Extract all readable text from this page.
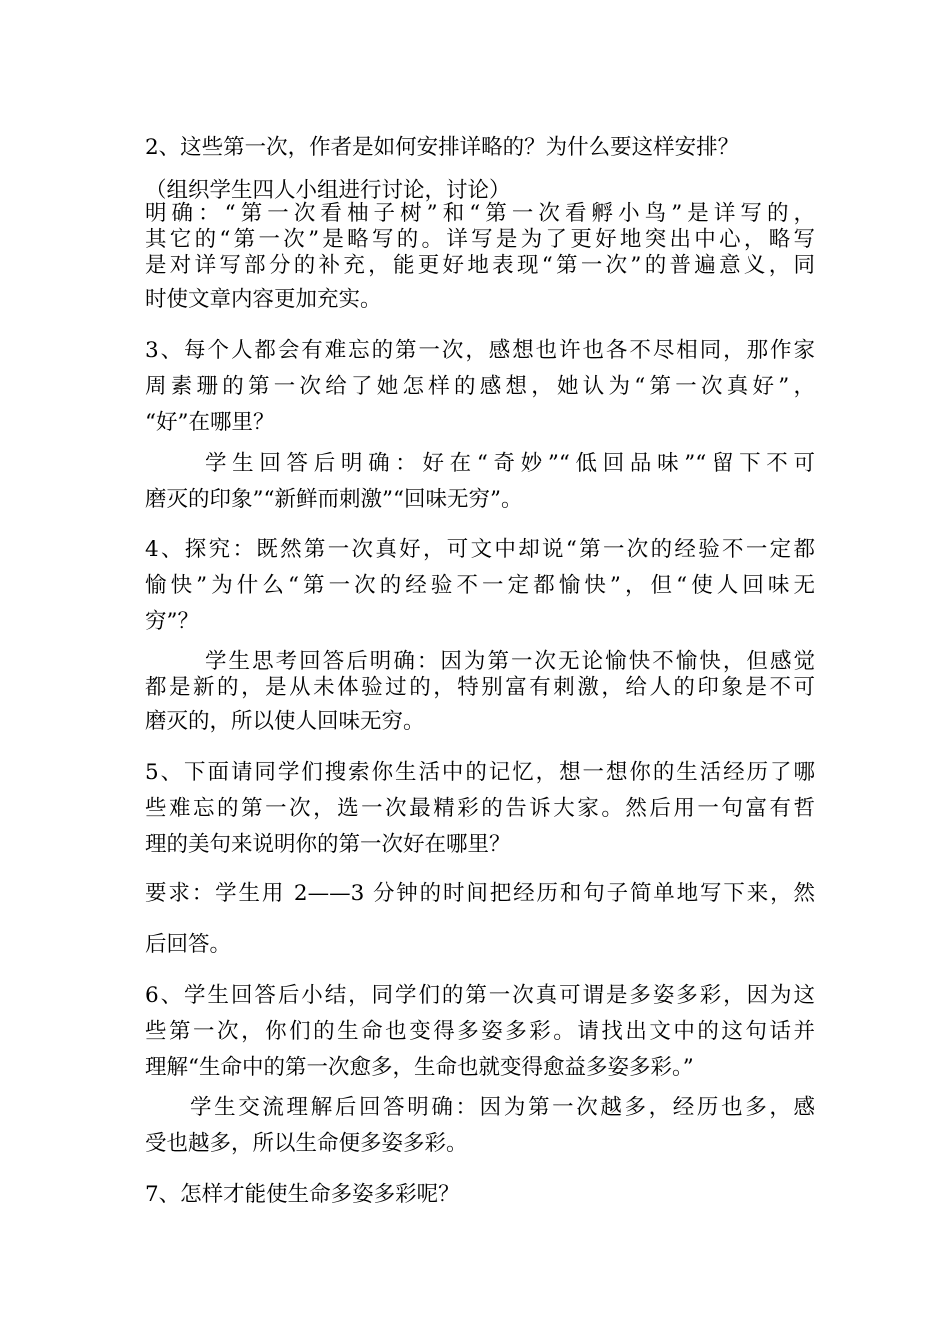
2、这些第一次，作者是如何安排详略的？为什么要这样安排？
（组织学生四人小组进行讨论，讨论）
明确：“第一次看柚子树”和“第一次看孵小鸟”是详写的，
其它的“第一次”是略写的。详写是为了更好地突出中心，略写
是对详写部分的补充，能更好地表现“第一次”的普遍意义，同
时使文章内容更加充实。
3、每个人都会有难忘的第一次，感想也许也各不尽相同，那作家
周素珊的第一次给了她怎样的感想，她认为“第一次真好”，
“好”在哪里？
学生回答后明确：好在“奇妙”“低回品味”“留下不可
磨灭的印象”“新鲜而刺激”“回味无穷”。
4、探究：既然第一次真好，可文中却说“第一次的经验不一定都
愉快”为什么“第一次的经验不一定都愉快”，但“使人回味无
穷”？
学生思考回答后明确：因为第一次无论愉快不愉快，但感觉
都是新的，是从未体验过的，特别富有刺激，给人的印象是不可
磨灭的，所以使人回味无穷。
5、下面请同学们搜索你生活中的记忆，想一想你的生活经历了哪
些难忘的第一次，选一次最精彩的告诉大家。然后用一句富有哲
理的美句来说明你的第一次好在哪里？
要求：学生用 2——3 分钟的时间把经历和句子简单地写下来，然
后回答。
6、学生回答后小结，同学们的第一次真可谓是多姿多彩，因为这
些第一次，你们的生命也变得多姿多彩。请找出文中的这句话并
理解“生命中的第一次愈多，生命也就变得愈益多姿多彩。”
学生交流理解后回答明确：因为第一次越多，经历也多，感
受也越多，所以生命便多姿多彩。
7、怎样才能使生命多姿多彩呢？
